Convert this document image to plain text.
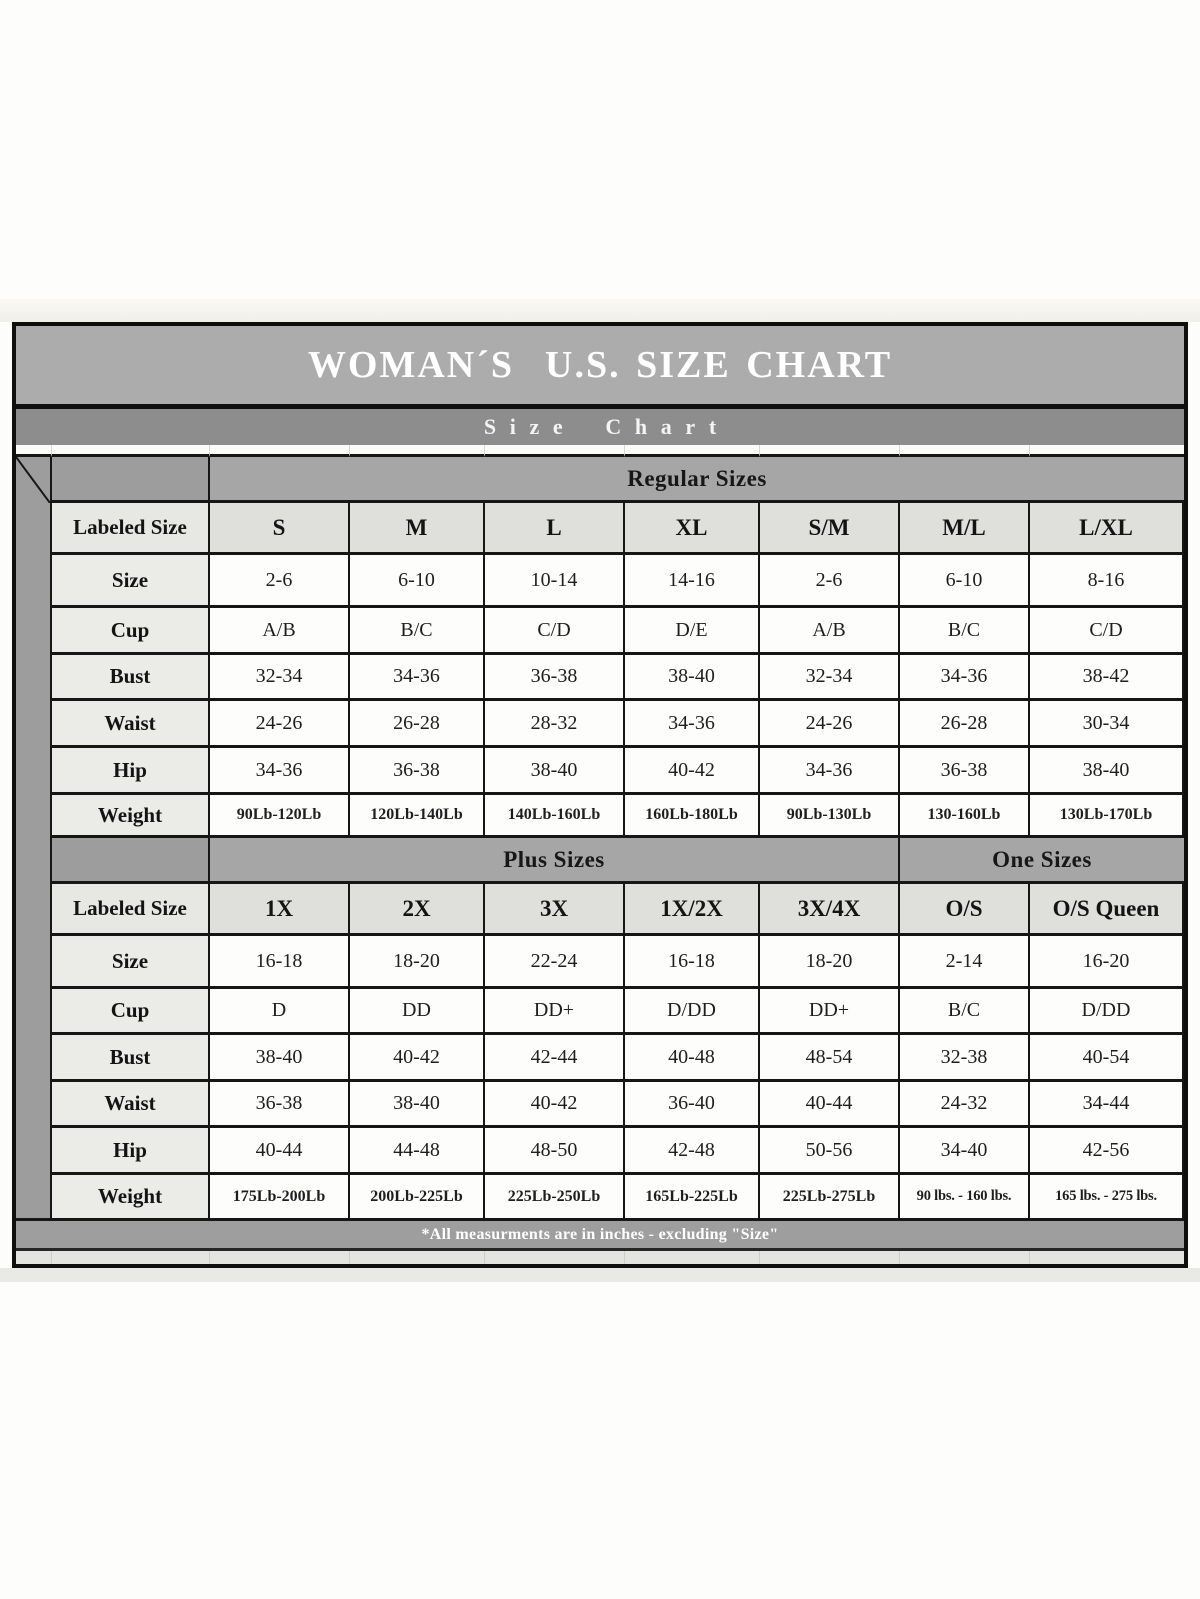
WOMAN´S  U.S. SIZE CHART
Size Chart
Regular Sizes
Labeled Size	S	M	L	XL	S/M	M/L	L/XL
Size	2-6	6-10	10-14	14-16	2-6	6-10	8-16
Cup	A/B	B/C	C/D	D/E	A/B	B/C	C/D
Bust	32-34	34-36	36-38	38-40	32-34	34-36	38-42
Waist	24-26	26-28	28-32	34-36	24-26	26-28	30-34
Hip	34-36	36-38	38-40	40-42	34-36	36-38	38-40
Weight	90Lb-120Lb	120Lb-140Lb	140Lb-160Lb	160Lb-180Lb	90Lb-130Lb	130-160Lb	130Lb-170Lb
Plus Sizes	One Sizes
Labeled Size	1X	2X	3X	1X/2X	3X/4X	O/S	O/S Queen
Size	16-18	18-20	22-24	16-18	18-20	2-14	16-20
Cup	D	DD	DD+	D/DD	DD+	B/C	D/DD
Bust	38-40	40-42	42-44	40-48	48-54	32-38	40-54
Waist	36-38	38-40	40-42	36-40	40-44	24-32	34-44
Hip	40-44	44-48	48-50	42-48	50-56	34-40	42-56
Weight	175Lb-200Lb	200Lb-225Lb	225Lb-250Lb	165Lb-225Lb	225Lb-275Lb	90 lbs. - 160 lbs.	165 lbs. - 275 lbs.
*All measurments are in inches - excluding "Size"
